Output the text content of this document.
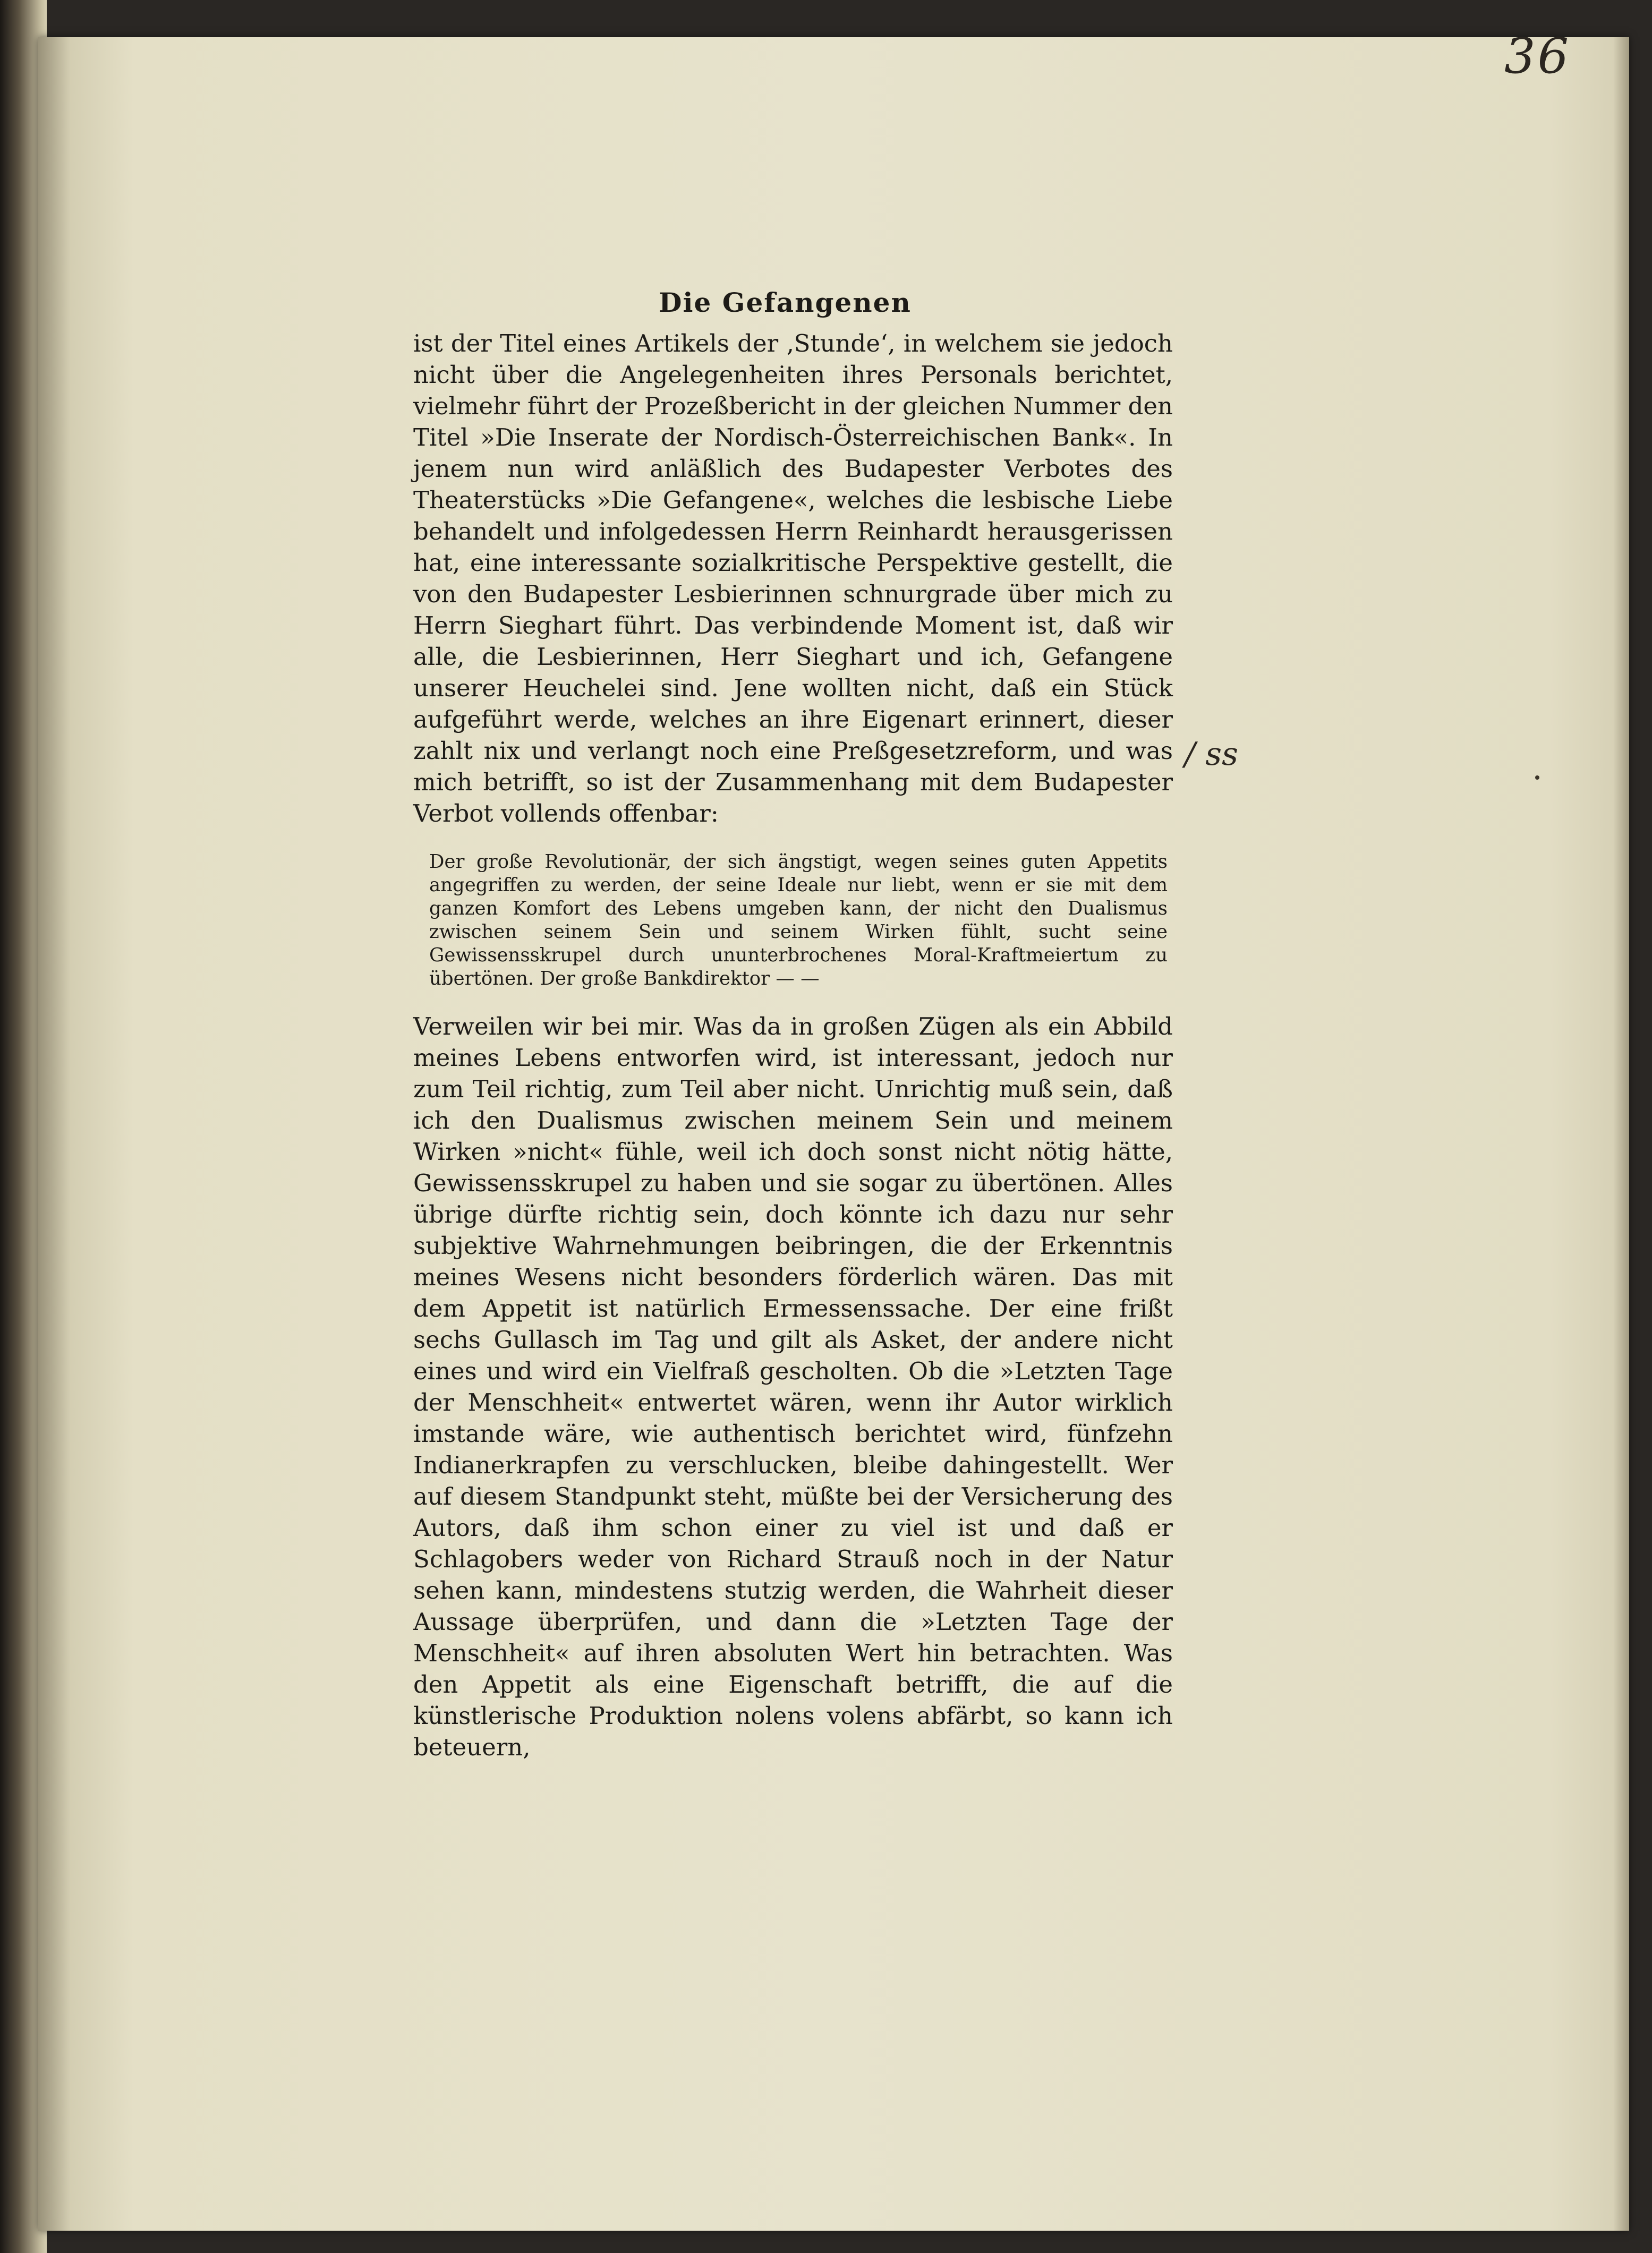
36
Die Gefangenen

ist der Titel eines Artikels der ‚Stunde‘, in welchem sie jedoch nicht über die Angelegenheiten ihres Personals berichtet, vielmehr führt der Prozeßbericht in der gleichen Nummer den Titel »Die Inserate der Nordisch-Österreichischen Bank«. In jenem nun wird anläßlich des Budapester Verbotes des Theaterstücks »Die Gefangene«, welches die lesbische Liebe behandelt und infolgedessen Herrn Reinhardt herausgerissen hat, eine interessante sozialkritische Perspektive gestellt, die von den Budapester Lesbierinnen schnurgrade über mich zu Herrn Sieghart führt. Das verbindende Moment ist, daß wir alle, die Lesbierinnen, Herr Sieghart und ich, Gefangene unserer Heuchelei sind. Jene wollten nicht, daß ein Stück aufgeführt werde, welches an ihre Eigenart erinnert, dieser zahlt nix und verlangt noch eine Preßgesetzreform, und was mich betrifft, so ist der Zusammenhang mit dem Budapester Verbot vollends offenbar:

Der große Revolutionär, der sich ängstigt, wegen seines guten Appetits angegriffen zu werden, der seine Ideale nur liebt, wenn er sie mit dem ganzen Komfort des Lebens umgeben kann, der nicht den Dualismus zwischen seinem Sein und seinem Wirken fühlt, sucht seine Gewissensskrupel durch ununterbrochenes Moral-Kraftmeiertum zu übertönen. Der große Bankdirektor — —

Verweilen wir bei mir. Was da in großen Zügen als ein Abbild meines Lebens entworfen wird, ist interessant, jedoch nur zum Teil richtig, zum Teil aber nicht. Unrichtig muß sein, daß ich den Dualismus zwischen meinem Sein und meinem Wirken »nicht« fühle, weil ich doch sonst nicht nötig hätte, Gewissensskrupel zu haben und sie sogar zu übertönen. Alles übrige dürfte richtig sein, doch könnte ich dazu nur sehr subjektive Wahrnehmungen beibringen, die der Erkenntnis meines Wesens nicht besonders förderlich wären. Das mit dem Appetit ist natürlich Ermessenssache. Der eine frißt sechs Gullasch im Tag und gilt als Asket, der andere nicht eines und wird ein Vielfraß gescholten. Ob die »Letzten Tage der Menschheit« entwertet wären, wenn ihr Autor wirklich imstande wäre, wie authentisch berichtet wird, fünfzehn Indianerkrapfen zu verschlucken, bleibe dahingestellt. Wer auf diesem Standpunkt steht, müßte bei der Versicherung des Autors, daß ihm schon einer zu viel ist und daß er Schlagobers weder von Richard Strauß noch in der Natur sehen kann, mindestens stutzig werden, die Wahrheit dieser Aussage überprüfen, und dann die »Letzten Tage der Menschheit« auf ihren absoluten Wert hin betrachten. Was den Appetit als eine Eigenschaft betrifft, die auf die künstlerische Produktion nolens volens abfärbt, so kann ich beteuern,

/ ss
